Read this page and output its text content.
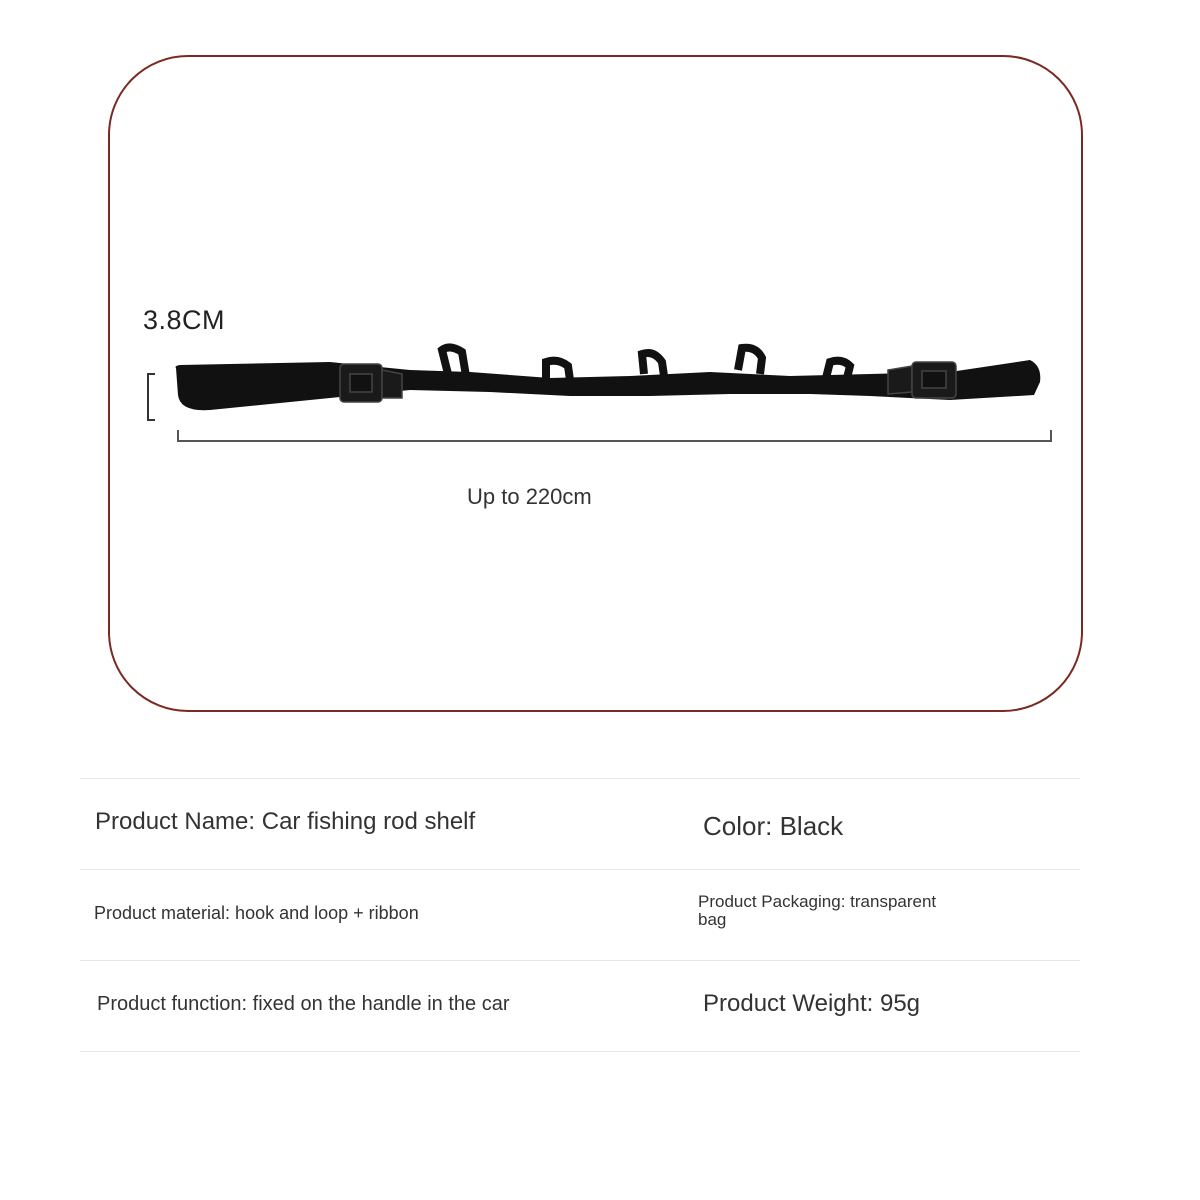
3.8CM
Up to 220cm
Product Name: Car fishing rod shelf	Color: Black
Product material: hook and loop + ribbon
Product Packaging: transparent bag
Product function: fixed on the handle in the car	Product Weight: 95g
